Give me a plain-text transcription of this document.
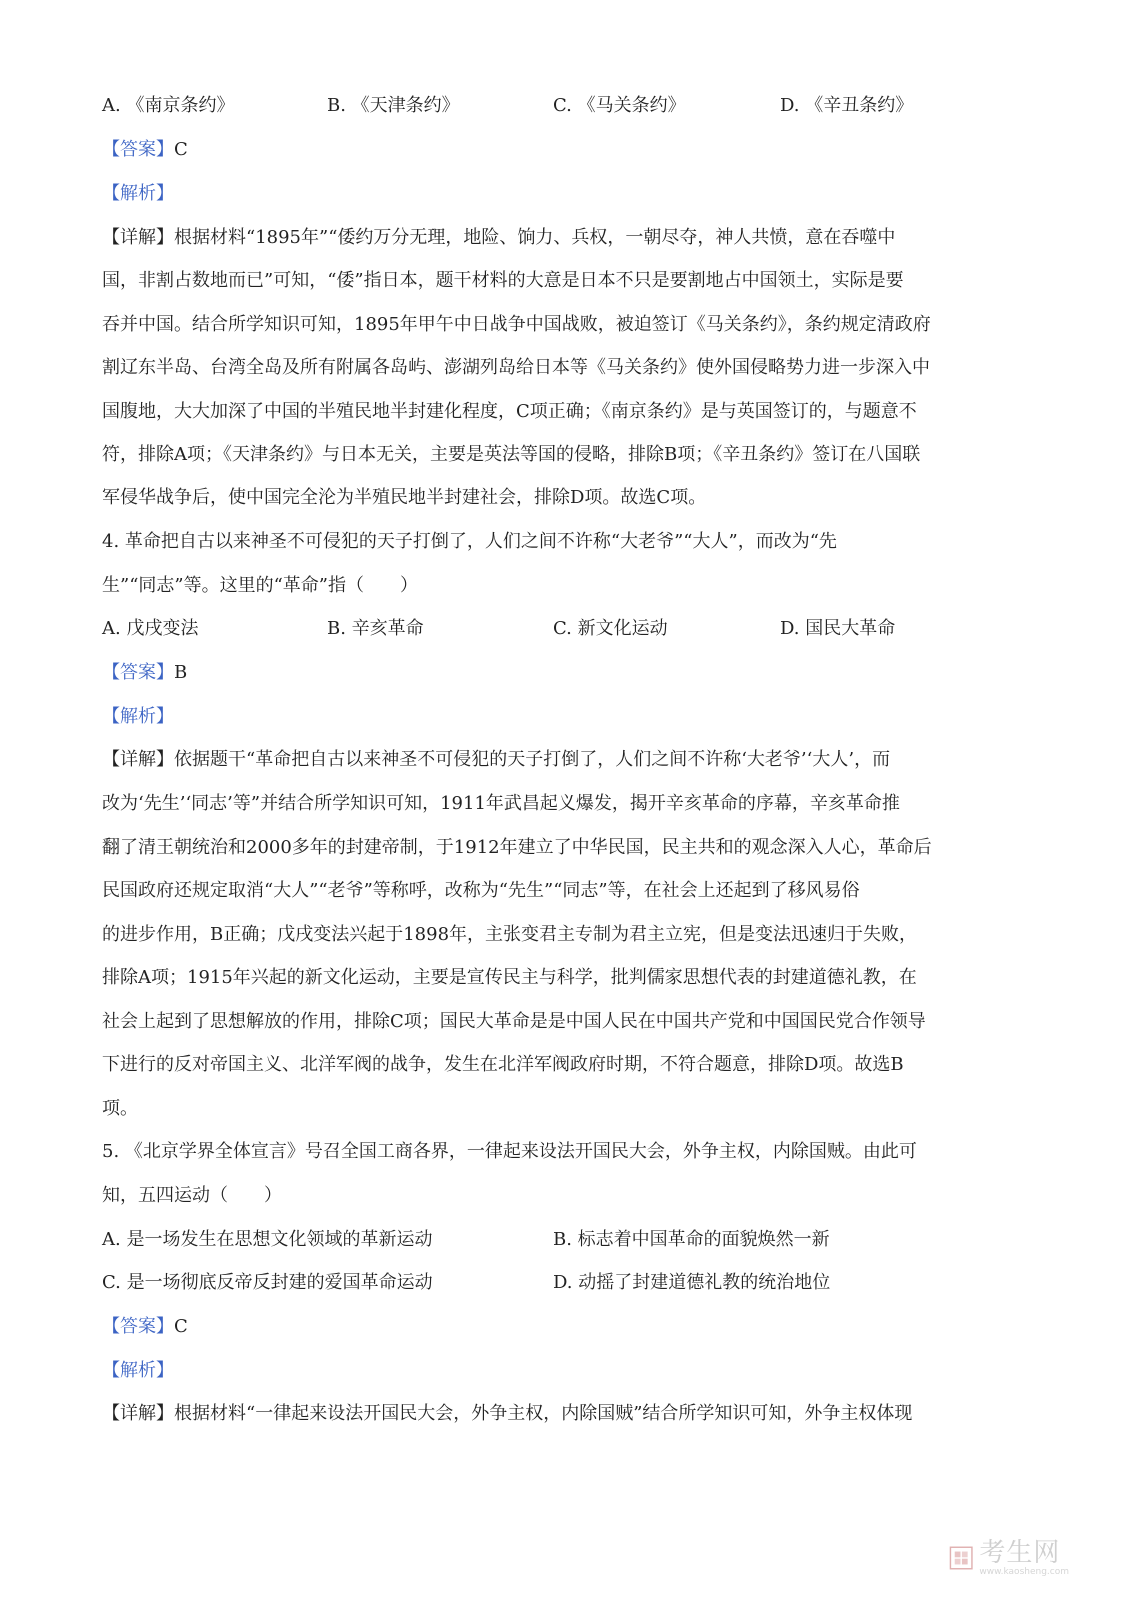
A. 《南京条约》	B. 《天津条约》	C. 《马关条约》	D. 《辛丑条约》
【答案】C
【解析】
【详解】根据材料“1895年”“倭约万分无理，地险、饷力、兵权，一朝尽夺，神人共愤，意在吞噬中
国，非割占数地而已”可知，“倭”指日本，题干材料的大意是日本不只是要割地占中国领土，实际是要
吞并中国。结合所学知识可知，1895年甲午中日战争中国战败，被迫签订《马关条约》，条约规定清政府
割辽东半岛、台湾全岛及所有附属各岛屿、澎湖列岛给日本等《马关条约》使外国侵略势力进一步深入中
国腹地，大大加深了中国的半殖民地半封建化程度，C项正确；《南京条约》是与英国签订的，与题意不
符，排除A项；《天津条约》与日本无关，主要是英法等国的侵略，排除B项；《辛丑条约》签订在八国联
军侵华战争后，使中国完全沦为半殖民地半封建社会，排除D项。故选C项。
4. 革命把自古以来神圣不可侵犯的天子打倒了，人们之间不许称“大老爷”“大人”，而改为“先
生”“同志”等。这里的“革命”指（　　）
A. 戊戌变法	B. 辛亥革命	C. 新文化运动	D. 国民大革命
【答案】B
【解析】
【详解】依据题干“革命把自古以来神圣不可侵犯的天子打倒了，人们之间不许称‘大老爷’‘大人’，而
改为‘先生’‘同志’等”并结合所学知识可知，1911年武昌起义爆发，揭开辛亥革命的序幕，辛亥革命推
翻了清王朝统治和2000多年的封建帝制，于1912年建立了中华民国，民主共和的观念深入人心，革命后
民国政府还规定取消“大人”“老爷”等称呼，改称为“先生”“同志”等，在社会上还起到了移风易俗
的进步作用，B正确；戊戌变法兴起于1898年，主张变君主专制为君主立宪，但是变法迅速归于失败，
排除A项；1915年兴起的新文化运动，主要是宣传民主与科学，批判儒家思想代表的封建道德礼教，在
社会上起到了思想解放的作用，排除C项；国民大革命是是中国人民在中国共产党和中国国民党合作领导
下进行的反对帝国主义、北洋军阀的战争，发生在北洋军阀政府时期，不符合题意，排除D项。故选B
项。
5. 《北京学界全体宣言》号召全国工商各界，一律起来设法开国民大会，外争主权，内除国贼。由此可
知，五四运动（　　）
A. 是一场发生在思想文化领域的革新运动	B. 标志着中国革命的面貌焕然一新
C. 是一场彻底反帝反封建的爱国革命运动	D. 动摇了封建道德礼教的统治地位
【答案】C
【解析】
【详解】根据材料“一律起来设法开国民大会，外争主权，内除国贼”结合所学知识可知，外争主权体现
考生网
www.kaosheng.com
